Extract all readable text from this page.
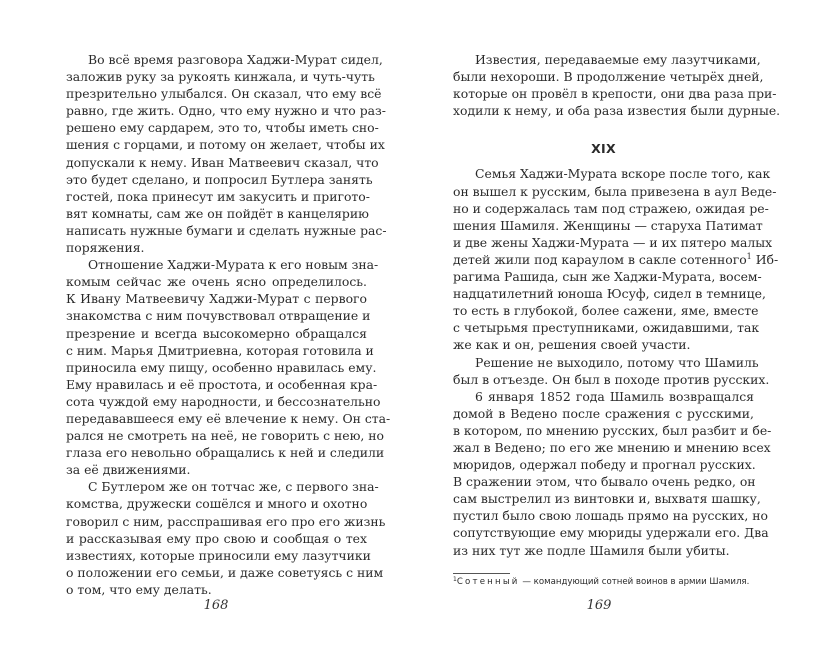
Во всё время разговора Хаджи-Мурат сидел,
заложив руку за рукоять кинжала, и чуть-чуть
презрительно улыбался. Он сказал, что ему всё
равно, где жить. Одно, что ему нужно и что раз-
решено ему сардарем, это то, чтобы иметь сно-
шения с горцами, и потому он желает, чтобы их
допускали к нему. Иван Матвеевич сказал, что
это будет сделано, и попросил Бутлера занять
гостей, пока принесут им закусить и пригото-
вят комнаты, сам же он пойдёт в канцелярию
написать нужные бумаги и сделать нужные рас-
поряжения.
Отношение Хаджи-Мурата к его новым зна-
комым сейчас же очень ясно определилось.
К Ивану Матвеевичу Хаджи-Мурат с первого
знакомства с ним почувствовал отвращение и
презрение и всегда высокомерно обращался
с ним. Марья Дмитриевна, которая готовила и
приносила ему пищу, особенно нравилась ему.
Ему нравилась и её простота, и особенная кра-
сота чуждой ему народности, и бессознательно
передававшееся ему её влечение к нему. Он ста-
рался не смотреть на неё, не говорить с нею, но
глаза его невольно обращались к ней и следили
за её движениями.
С Бутлером же он тотчас же, с первого зна-
комства, дружески сошёлся и много и охотно
говорил с ним, расспрашивая его про его жизнь
и рассказывая ему про свою и сообщая о тех
известиях, которые приносили ему лазутчики
о положении его семьи, и даже советуясь с ним
о том, что ему делать.
168
Известия, передаваемые ему лазутчиками,
были нехороши. В продолжение четырёх дней,
которые он провёл в крепости, они два раза при-
ходили к нему, и оба раза известия были дурные.
XIX
Семья Хаджи-Мурата вскоре после того, как
он вышел к русским, была привезена в аул Веде-
но и содержалась там под стражею, ожидая ре-
шения Шамиля. Женщины — старуха Патимат
и две жены Хаджи-Мурата — и их пятеро малых
детей жили под караулом в сакле сотенного$^1$ Иб-
рагима Рашида, сын же Хаджи-Мурата, восем-
надцатилетний юноша Юсуф, сидел в темнице,
то есть в глубокой, более сажени, яме, вместе
с четырьмя преступниками, ожидавшими, так
же как и он, решения своей участи.
Решение не выходило, потому что Шамиль
был в отъезде. Он был в походе против русских.
6 января 1852 года Шамиль возвращался
домой в Ведено после сражения с русскими,
в котором, по мнению русских, был разбит и бе-
жал в Ведено; по его же мнению и мнению всех
мюридов, одержал победу и прогнал русских.
В сражении этом, что бывало очень редко, он
сам выстрелил из винтовки и, выхватя шашку,
пустил было свою лошадь прямо на русских, но
сопутствующие ему мюриды удержали его. Два
из них тут же подле Шамиля были убиты.
$^1$Сотенный — командующий сотней воинов в армии Шамиля.
169
